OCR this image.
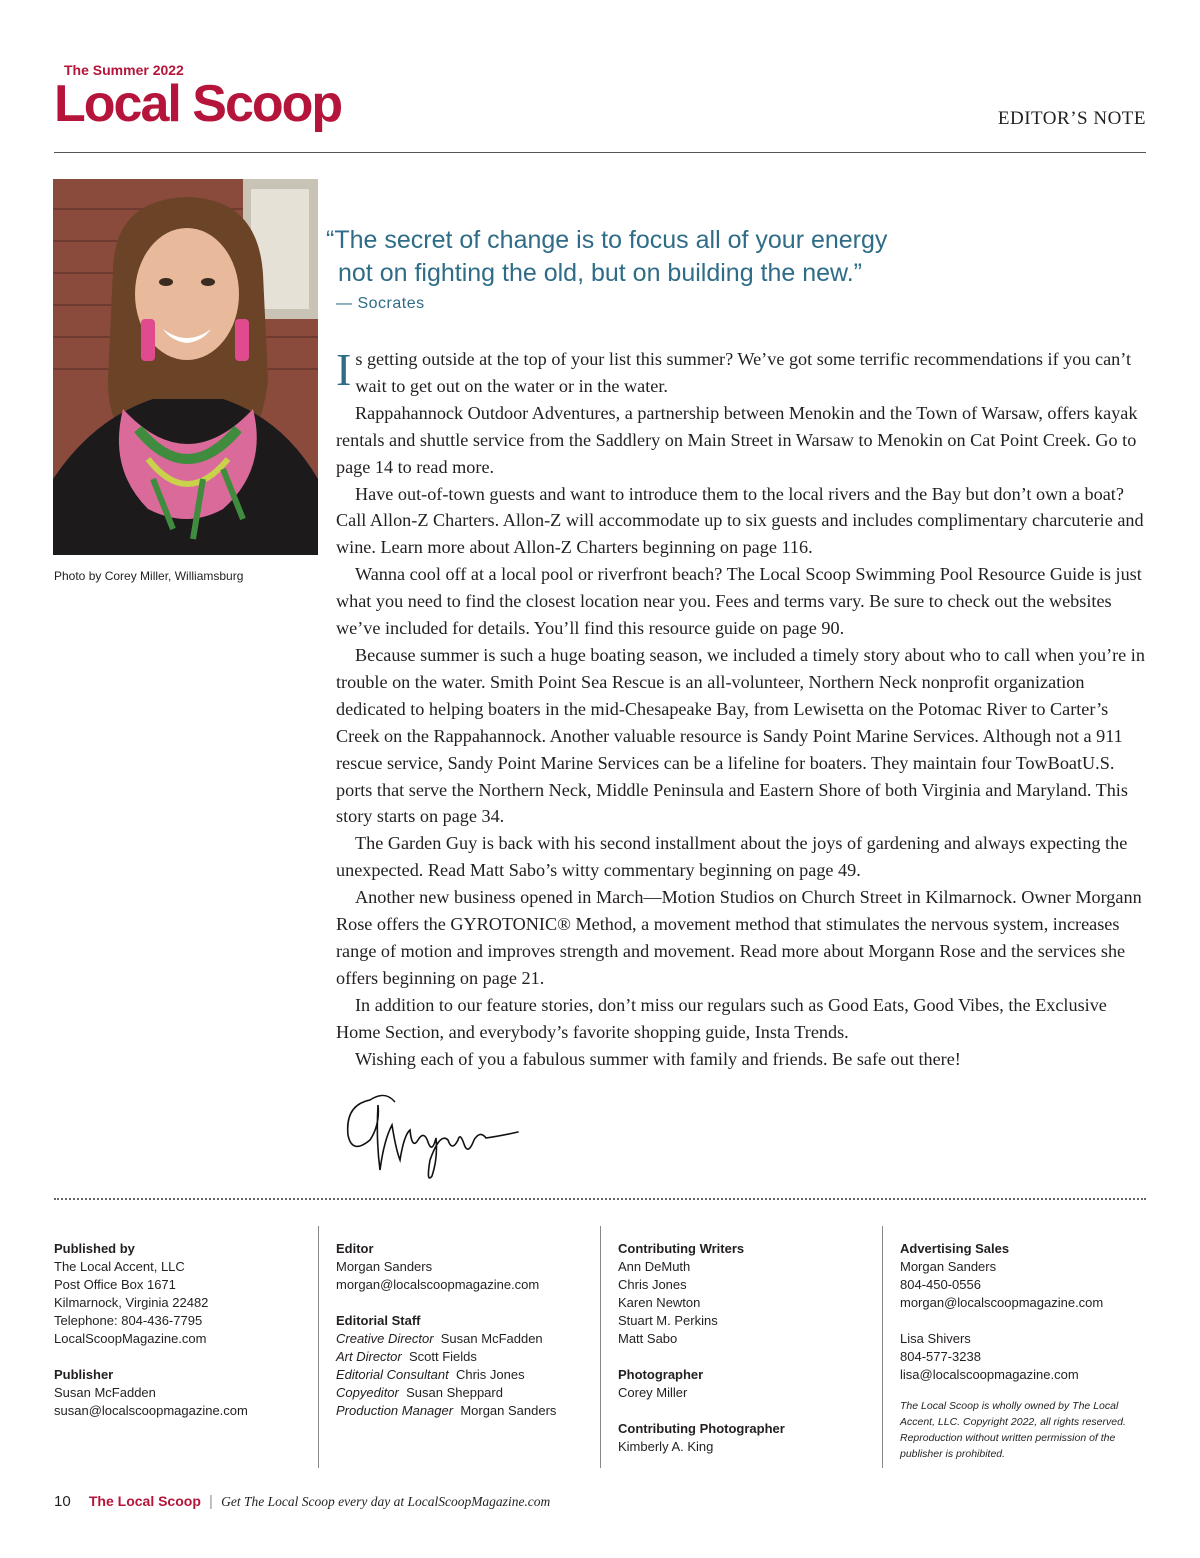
The Summer 2022
Local Scoop	EDITOR’S NOTE
Photo by Corey Miller, Williamsburg
“The secret of change is to focus all of your energy
not on fighting the old, but on building the new.”
— Socrates

Is getting outside at the top of your list this summer? We’ve got some terrific recommendations if you can’t wait to get out on the water or in the water.

Rappahannock Outdoor Adventures, a partnership between Menokin and the Town of Warsaw, offers kayak rentals and shuttle service from the Saddlery on Main Street in Warsaw to Menokin on Cat Point Creek. Go to page 14 to read more.

Have out-of-town guests and want to introduce them to the local rivers and the Bay but don’t own a boat? Call Allon-Z Charters. Allon-Z will accommodate up to six guests and includes complimentary charcuterie and wine. Learn more about Allon-Z Charters beginning on page 116.

Wanna cool off at a local pool or riverfront beach? The Local Scoop Swimming Pool Resource Guide is just what you need to find the closest location near you. Fees and terms vary. Be sure to check out the websites we’ve included for details. You’ll find this resource guide on page 90.

Because summer is such a huge boating season, we included a timely story about who to call when you’re in trouble on the water. Smith Point Sea Rescue is an all-volunteer, Northern Neck nonprofit organization dedicated to helping boaters in the mid-Chesapeake Bay, from Lewisetta on the Potomac River to Carter’s Creek on the Rappahannock. Another valuable resource is Sandy Point Marine Services. Although not a 911 rescue service, Sandy Point Marine Services can be a lifeline for boaters. They maintain four TowBoatU.S. ports that serve the Northern Neck, Middle Peninsula and Eastern Shore of both Virginia and Maryland. This story starts on page 34.

The Garden Guy is back with his second installment about the joys of gardening and always expecting the unexpected. Read Matt Sabo’s witty commentary beginning on page 49.

Another new business opened in March—Motion Studios on Church Street in Kilmarnock. Owner Morgann Rose offers the GYROTONIC® Method, a movement method that stimulates the nervous system, increases range of motion and improves strength and movement. Read more about Morgann Rose and the services she offers beginning on page 21.

In addition to our feature stories, don’t miss our regulars such as Good Eats, Good Vibes, the Exclusive Home Section, and everybody’s favorite shopping guide, Insta Trends.

Wishing each of you a fabulous summer with family and friends. Be safe out there!

Published by
The Local Accent, LLC
Post Office Box 1671
Kilmarnock, Virginia 22482
Telephone: 804-436-7795
LocalScoopMagazine.com
Publisher
Susan McFadden
susan@localscoopmagazine.com
Editor
Morgan Sanders
morgan@localscoopmagazine.com
Editorial Staff
Creative Director Susan McFadden
Art Director Scott Fields
Editorial Consultant Chris Jones
Copyeditor Susan Sheppard
Production Manager Morgan Sanders
Contributing Writers
Ann DeMuth
Chris Jones
Karen Newton
Stuart M. Perkins
Matt Sabo
Photographer
Corey Miller
Contributing Photographer
Kimberly A. King
Advertising Sales
Morgan Sanders
804-450-0556
morgan@localscoopmagazine.com
Lisa Shivers
804-577-3238
lisa@localscoopmagazine.com
The Local Scoop is wholly owned by The Local Accent, LLC. Copyright 2022, all rights reserved. Reproduction without written permission of the publisher is prohibited.
10 The Local Scoop | Get The Local Scoop every day at LocalScoopMagazine.com
